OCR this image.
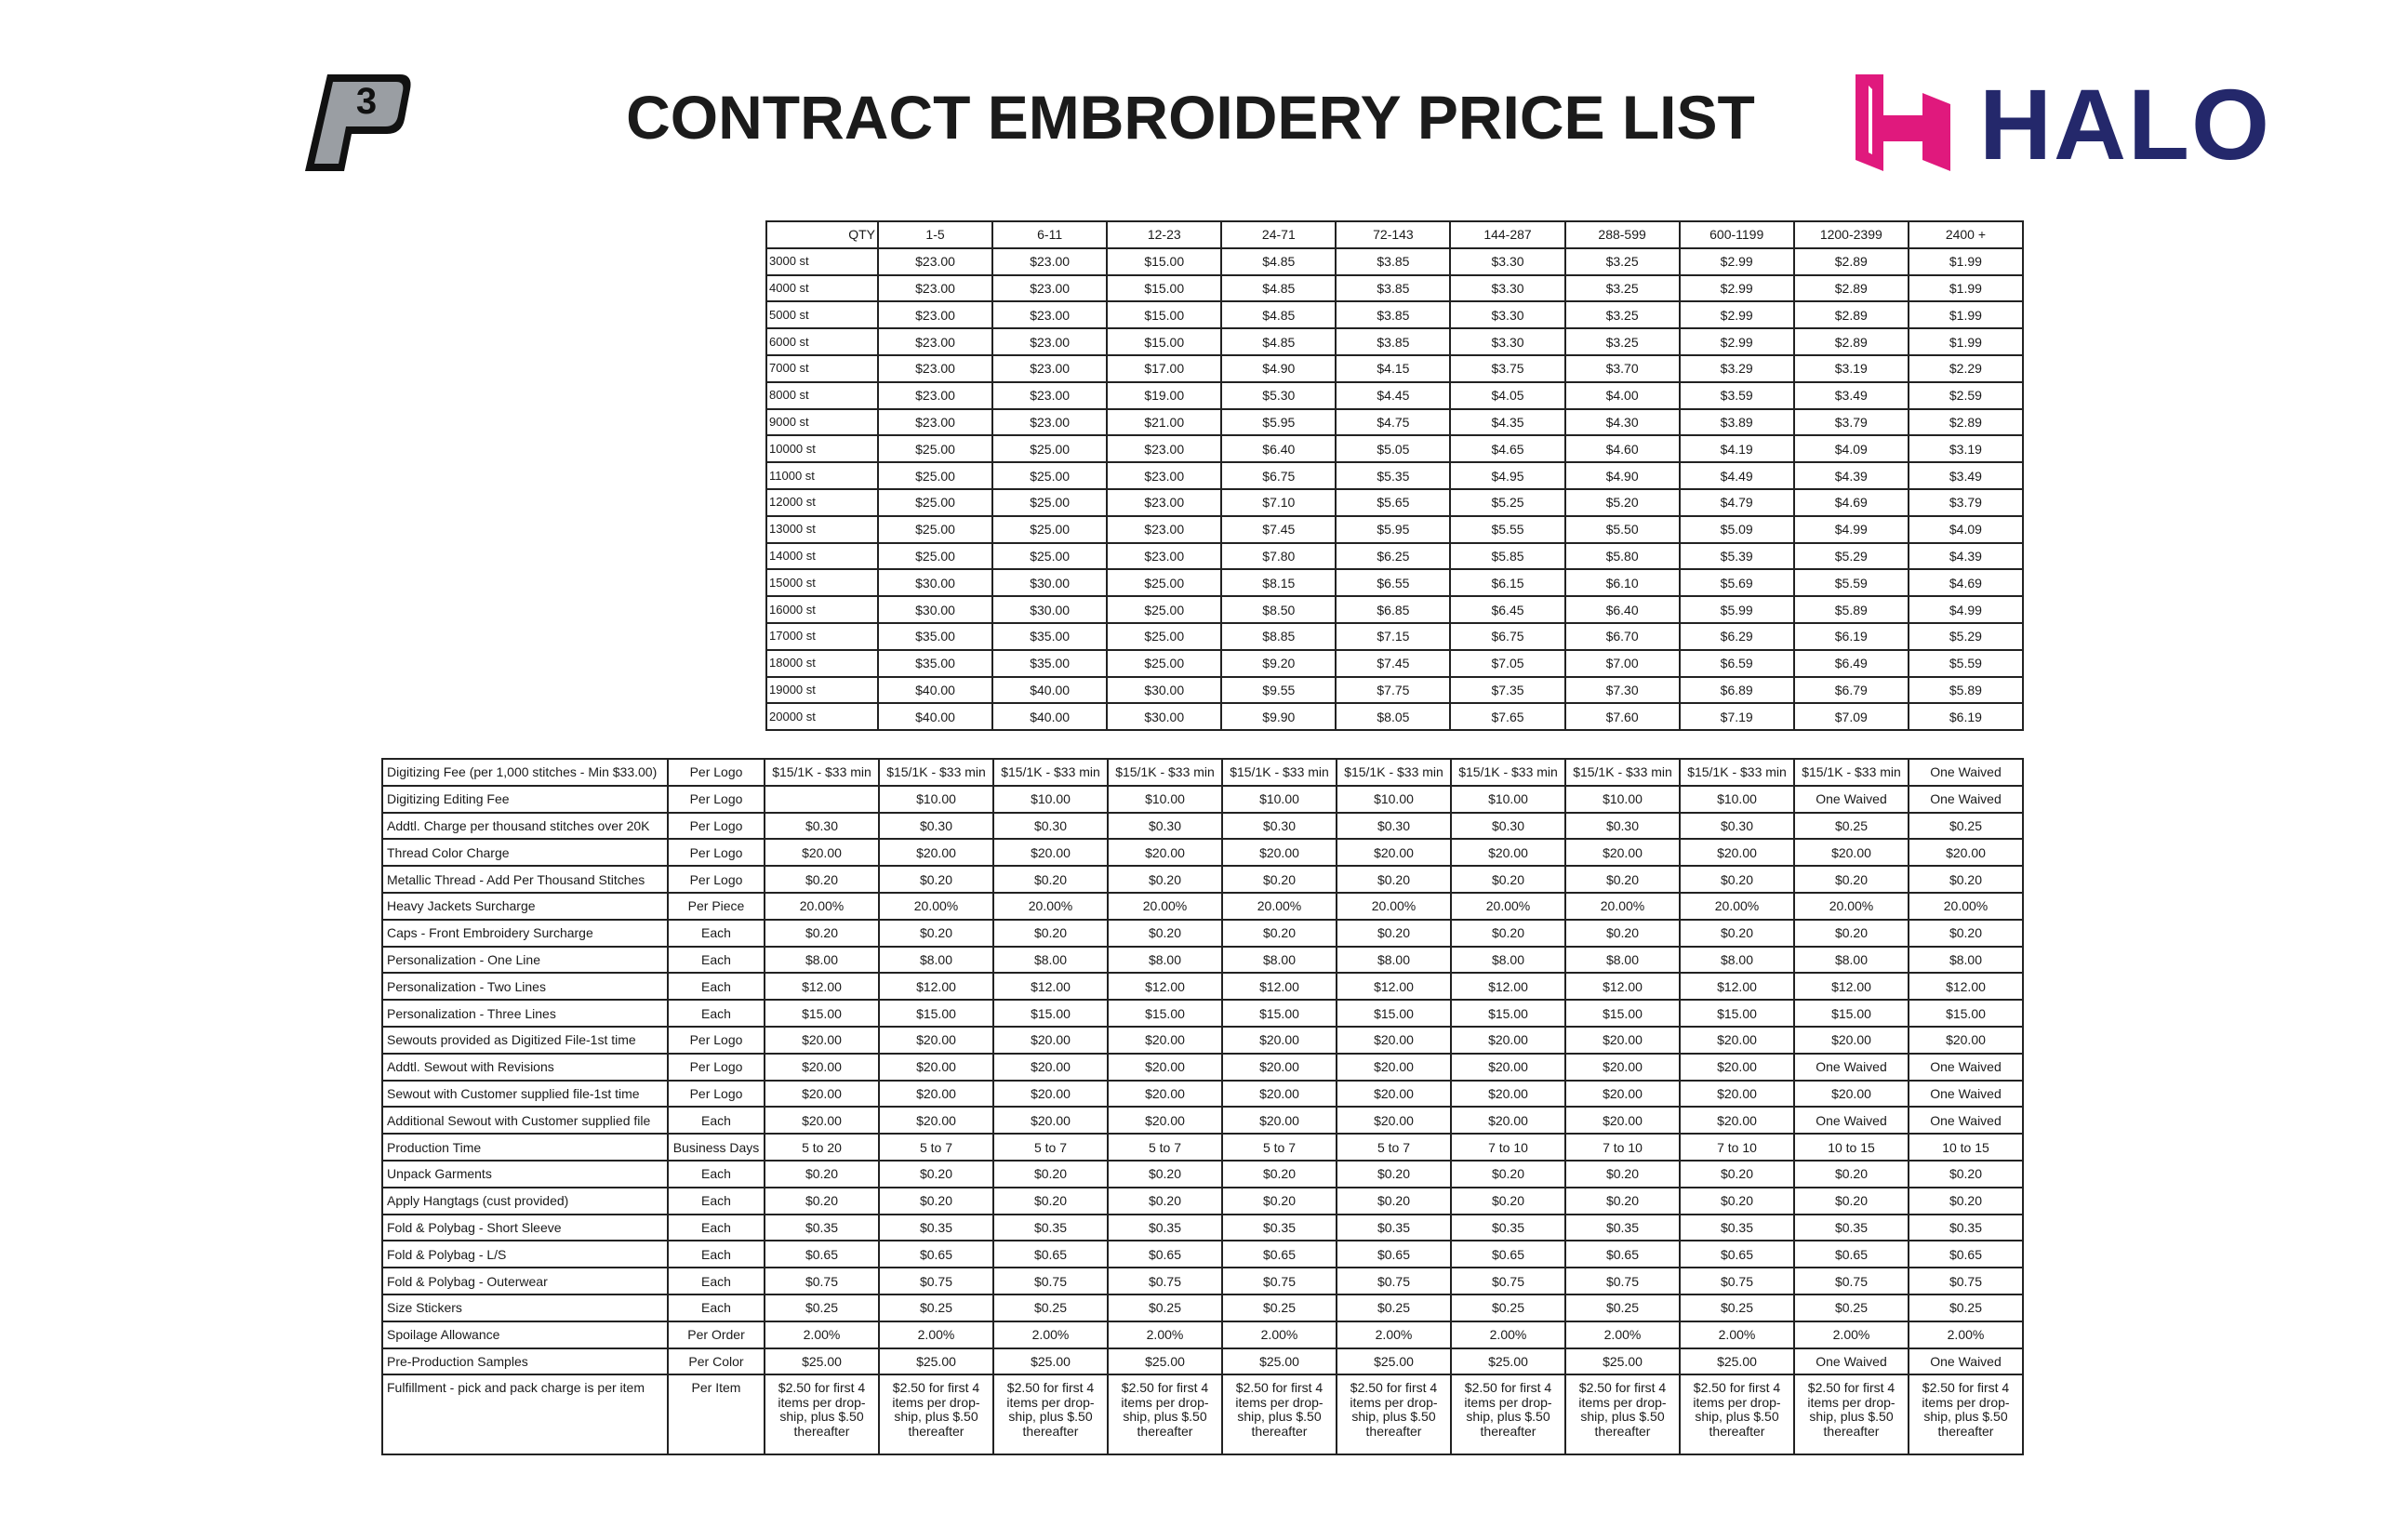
3	CONTRACT EMBROIDERY PRICE LIST	HALO
QTY	1-5	6-11	12-23	24-71	72-143	144-287	288-599	600-1199	1200-2399	2400 +
3000 st	$23.00	$23.00	$15.00	$4.85	$3.85	$3.30	$3.25	$2.99	$2.89	$1.99
4000 st	$23.00	$23.00	$15.00	$4.85	$3.85	$3.30	$3.25	$2.99	$2.89	$1.99
5000 st	$23.00	$23.00	$15.00	$4.85	$3.85	$3.30	$3.25	$2.99	$2.89	$1.99
6000 st	$23.00	$23.00	$15.00	$4.85	$3.85	$3.30	$3.25	$2.99	$2.89	$1.99
7000 st	$23.00	$23.00	$17.00	$4.90	$4.15	$3.75	$3.70	$3.29	$3.19	$2.29
8000 st	$23.00	$23.00	$19.00	$5.30	$4.45	$4.05	$4.00	$3.59	$3.49	$2.59
9000 st	$23.00	$23.00	$21.00	$5.95	$4.75	$4.35	$4.30	$3.89	$3.79	$2.89
10000 st	$25.00	$25.00	$23.00	$6.40	$5.05	$4.65	$4.60	$4.19	$4.09	$3.19
11000 st	$25.00	$25.00	$23.00	$6.75	$5.35	$4.95	$4.90	$4.49	$4.39	$3.49
12000 st	$25.00	$25.00	$23.00	$7.10	$5.65	$5.25	$5.20	$4.79	$4.69	$3.79
13000 st	$25.00	$25.00	$23.00	$7.45	$5.95	$5.55	$5.50	$5.09	$4.99	$4.09
14000 st	$25.00	$25.00	$23.00	$7.80	$6.25	$5.85	$5.80	$5.39	$5.29	$4.39
15000 st	$30.00	$30.00	$25.00	$8.15	$6.55	$6.15	$6.10	$5.69	$5.59	$4.69
16000 st	$30.00	$30.00	$25.00	$8.50	$6.85	$6.45	$6.40	$5.99	$5.89	$4.99
17000 st	$35.00	$35.00	$25.00	$8.85	$7.15	$6.75	$6.70	$6.29	$6.19	$5.29
18000 st	$35.00	$35.00	$25.00	$9.20	$7.45	$7.05	$7.00	$6.59	$6.49	$5.59
19000 st	$40.00	$40.00	$30.00	$9.55	$7.75	$7.35	$7.30	$6.89	$6.79	$5.89
20000 st	$40.00	$40.00	$30.00	$9.90	$8.05	$7.65	$7.60	$7.19	$7.09	$6.19
Digitizing Fee (per 1,000 stitches - Min $33.00)	Per Logo	$15/1K - $33 min	$15/1K - $33 min	$15/1K - $33 min	$15/1K - $33 min	$15/1K - $33 min	$15/1K - $33 min	$15/1K - $33 min	$15/1K - $33 min	$15/1K - $33 min	$15/1K - $33 min	One Waived
Digitizing Editing Fee	Per Logo		$10.00	$10.00	$10.00	$10.00	$10.00	$10.00	$10.00	$10.00	One Waived	One Waived
Addtl. Charge per thousand stitches over 20K	Per Logo	$0.30	$0.30	$0.30	$0.30	$0.30	$0.30	$0.30	$0.30	$0.30	$0.25	$0.25
Thread Color Charge	Per Logo	$20.00	$20.00	$20.00	$20.00	$20.00	$20.00	$20.00	$20.00	$20.00	$20.00	$20.00
Metallic Thread - Add Per Thousand Stitches	Per Logo	$0.20	$0.20	$0.20	$0.20	$0.20	$0.20	$0.20	$0.20	$0.20	$0.20	$0.20
Heavy Jackets Surcharge	Per Piece	20.00%	20.00%	20.00%	20.00%	20.00%	20.00%	20.00%	20.00%	20.00%	20.00%	20.00%
Caps - Front Embroidery Surcharge	Each	$0.20	$0.20	$0.20	$0.20	$0.20	$0.20	$0.20	$0.20	$0.20	$0.20	$0.20
Personalization - One Line	Each	$8.00	$8.00	$8.00	$8.00	$8.00	$8.00	$8.00	$8.00	$8.00	$8.00	$8.00
Personalization - Two Lines	Each	$12.00	$12.00	$12.00	$12.00	$12.00	$12.00	$12.00	$12.00	$12.00	$12.00	$12.00
Personalization - Three Lines	Each	$15.00	$15.00	$15.00	$15.00	$15.00	$15.00	$15.00	$15.00	$15.00	$15.00	$15.00
Sewouts provided as Digitized File-1st time	Per Logo	$20.00	$20.00	$20.00	$20.00	$20.00	$20.00	$20.00	$20.00	$20.00	$20.00	$20.00
Addtl. Sewout with Revisions	Per Logo	$20.00	$20.00	$20.00	$20.00	$20.00	$20.00	$20.00	$20.00	$20.00	One Waived	One Waived
Sewout with Customer supplied file-1st time	Per Logo	$20.00	$20.00	$20.00	$20.00	$20.00	$20.00	$20.00	$20.00	$20.00	$20.00	One Waived
Additional Sewout with Customer supplied file	Each	$20.00	$20.00	$20.00	$20.00	$20.00	$20.00	$20.00	$20.00	$20.00	One Waived	One Waived
Production Time	Business Days	5 to 20	5 to 7	5 to 7	5 to 7	5 to 7	5 to 7	7 to 10	7 to 10	7 to 10	10 to 15	10 to 15
Unpack Garments	Each	$0.20	$0.20	$0.20	$0.20	$0.20	$0.20	$0.20	$0.20	$0.20	$0.20	$0.20
Apply Hangtags (cust provided)	Each	$0.20	$0.20	$0.20	$0.20	$0.20	$0.20	$0.20	$0.20	$0.20	$0.20	$0.20
Fold & Polybag - Short Sleeve	Each	$0.35	$0.35	$0.35	$0.35	$0.35	$0.35	$0.35	$0.35	$0.35	$0.35	$0.35
Fold & Polybag - L/S	Each	$0.65	$0.65	$0.65	$0.65	$0.65	$0.65	$0.65	$0.65	$0.65	$0.65	$0.65
Fold & Polybag - Outerwear	Each	$0.75	$0.75	$0.75	$0.75	$0.75	$0.75	$0.75	$0.75	$0.75	$0.75	$0.75
Size Stickers	Each	$0.25	$0.25	$0.25	$0.25	$0.25	$0.25	$0.25	$0.25	$0.25	$0.25	$0.25
Spoilage Allowance	Per Order	2.00%	2.00%	2.00%	2.00%	2.00%	2.00%	2.00%	2.00%	2.00%	2.00%	2.00%
Pre-Production Samples	Per Color	$25.00	$25.00	$25.00	$25.00	$25.00	$25.00	$25.00	$25.00	$25.00	One Waived	One Waived
Fulfillment - pick and pack charge is per item	Per Item	$2.50 for first 4 items per drop-ship, plus $.50 thereafter	$2.50 for first 4 items per drop-ship, plus $.50 thereafter	$2.50 for first 4 items per drop-ship, plus $.50 thereafter	$2.50 for first 4 items per drop-ship, plus $.50 thereafter	$2.50 for first 4 items per drop-ship, plus $.50 thereafter	$2.50 for first 4 items per drop-ship, plus $.50 thereafter	$2.50 for first 4 items per drop-ship, plus $.50 thereafter	$2.50 for first 4 items per drop-ship, plus $.50 thereafter	$2.50 for first 4 items per drop-ship, plus $.50 thereafter	$2.50 for first 4 items per drop-ship, plus $.50 thereafter	$2.50 for first 4 items per drop-ship, plus $.50 thereafter
